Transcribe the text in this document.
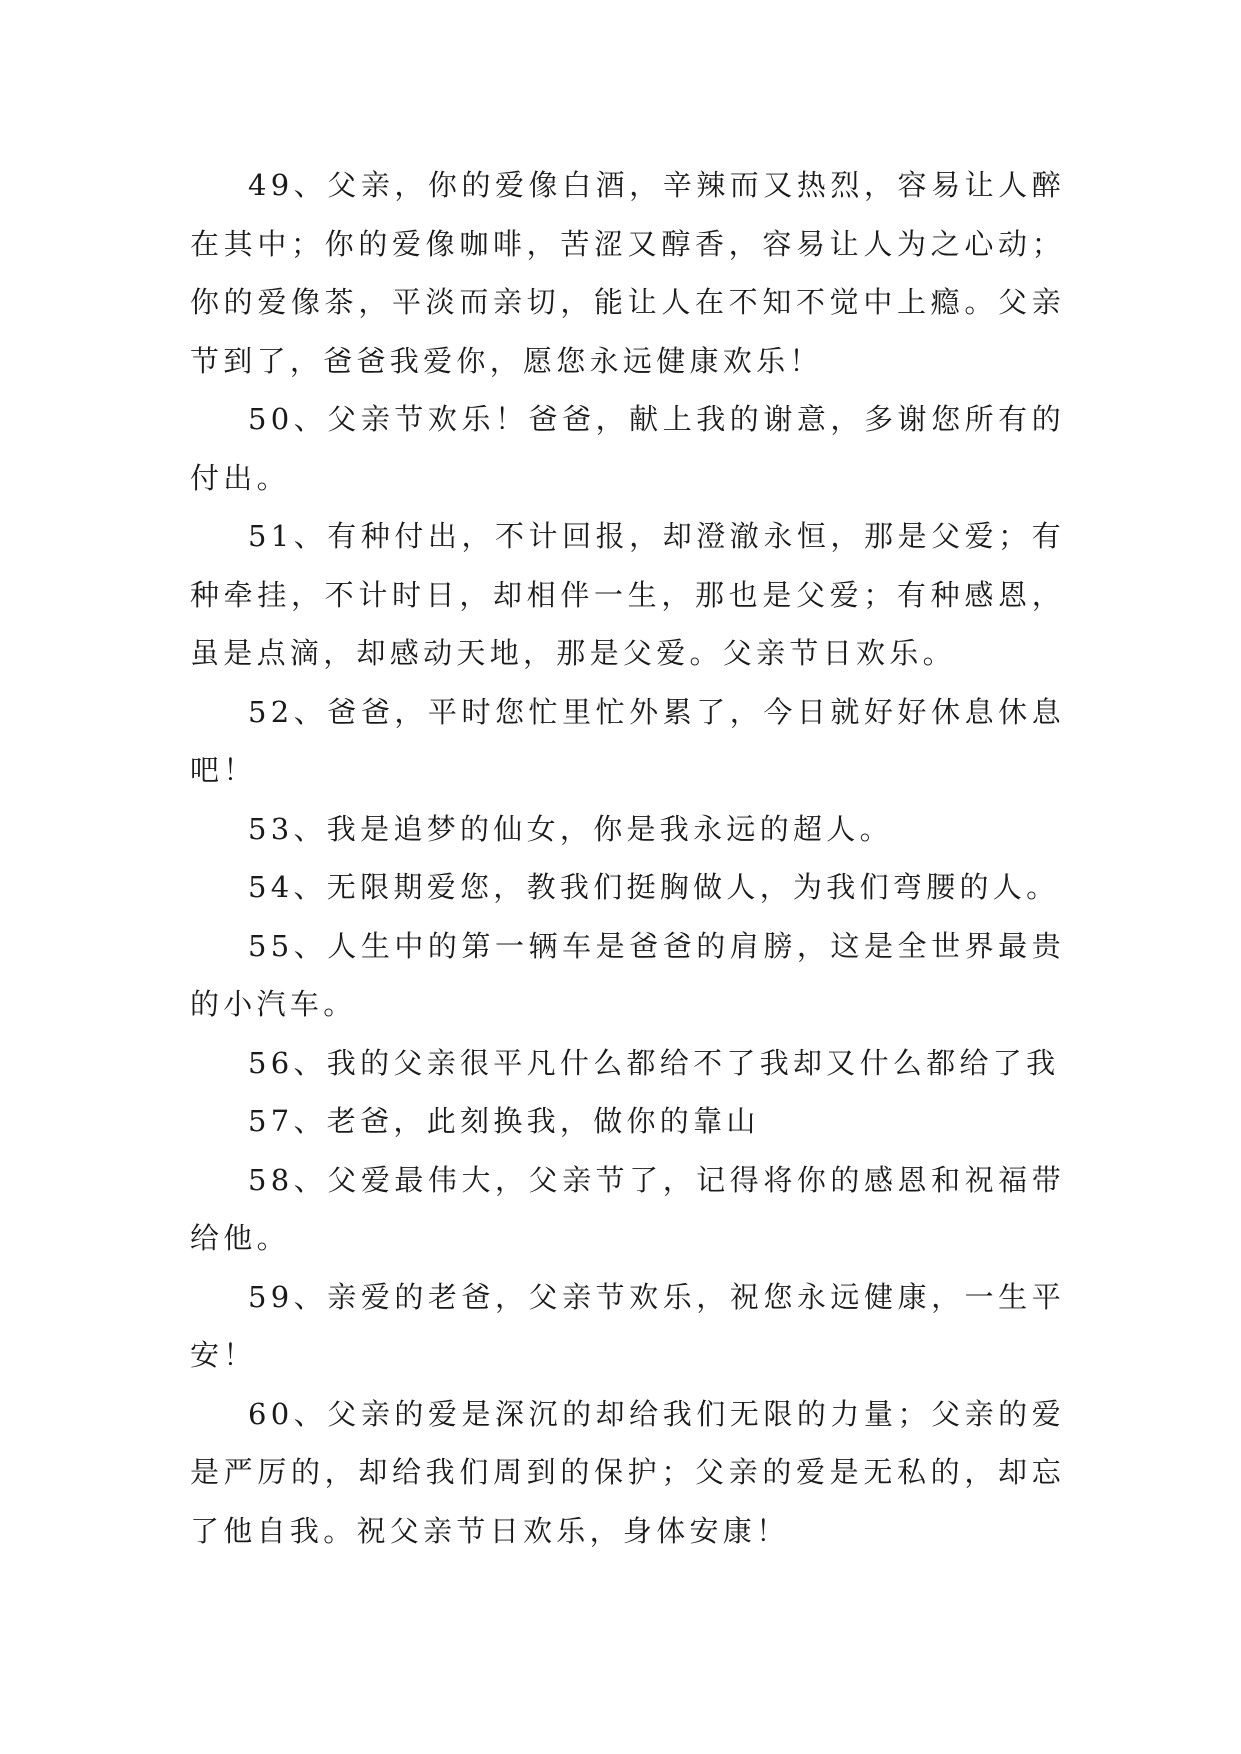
49、父亲，你的爱像白酒，辛辣而又热烈，容易让人醉在其中；你的爱像咖啡，苦涩又醇香，容易让人为之心动；你的爱像茶，平淡而亲切，能让人在不知不觉中上瘾。父亲节到了，爸爸我爱你，愿您永远健康欢乐！

50、父亲节欢乐！爸爸，献上我的谢意，多谢您所有的付出。

51、有种付出，不计回报，却澄澈永恒，那是父爱；有种牵挂，不计时日，却相伴一生，那也是父爱；有种感恩，虽是点滴，却感动天地，那是父爱。父亲节日欢乐。

52、爸爸，平时您忙里忙外累了，今日就好好休息休息吧！

53、我是追梦的仙女，你是我永远的超人。

54、无限期爱您，教我们挺胸做人，为我们弯腰的人。

55、人生中的第一辆车是爸爸的肩膀，这是全世界最贵的小汽车。

56、我的父亲很平凡什么都给不了我却又什么都给了我

57、老爸，此刻换我，做你的靠山

58、父爱最伟大，父亲节了，记得将你的感恩和祝福带给他。

59、亲爱的老爸，父亲节欢乐，祝您永远健康，一生平安！

60、父亲的爱是深沉的却给我们无限的力量；父亲的爱是严厉的，却给我们周到的保护；父亲的爱是无私的，却忘了他自我。祝父亲节日欢乐，身体安康！
